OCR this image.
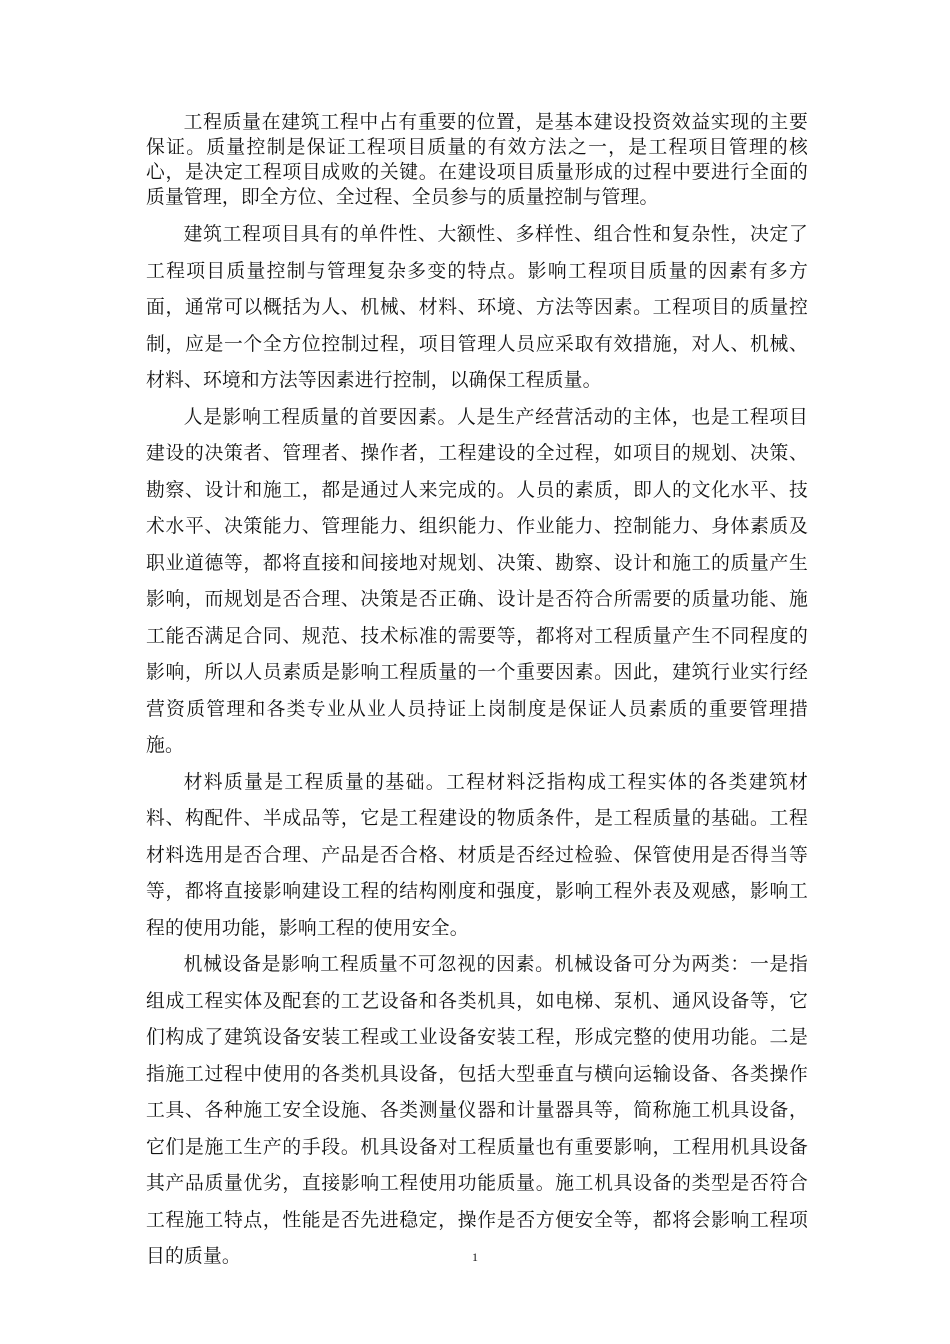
工程质量在建筑工程中占有重要的位置，是基本建设投资效益实现的主要保证。质量控制是保证工程项目质量的有效方法之一，是工程项目管理的核心，是决定工程项目成败的关键。在建设项目质量形成的过程中要进行全面的质量管理，即全方位、全过程、全员参与的质量控制与管理。

建筑工程项目具有的单件性、大额性、多样性、组合性和复杂性，决定了工程项目质量控制与管理复杂多变的特点。影响工程项目质量的因素有多方面，通常可以概括为人、机械、材料、环境、方法等因素。工程项目的质量控制，应是一个全方位控制过程，项目管理人员应采取有效措施，对人、机械、材料、环境和方法等因素进行控制，以确保工程质量。

人是影响工程质量的首要因素。人是生产经营活动的主体，也是工程项目建设的决策者、管理者、操作者，工程建设的全过程，如项目的规划、决策、勘察、设计和施工，都是通过人来完成的。人员的素质，即人的文化水平、技术水平、决策能力、管理能力、组织能力、作业能力、控制能力、身体素质及职业道德等，都将直接和间接地对规划、决策、勘察、设计和施工的质量产生影响，而规划是否合理、决策是否正确、设计是否符合所需要的质量功能、施工能否满足合同、规范、技术标准的需要等，都将对工程质量产生不同程度的影响，所以人员素质是影响工程质量的一个重要因素。因此，建筑行业实行经营资质管理和各类专业从业人员持证上岗制度是保证人员素质的重要管理措施。

材料质量是工程质量的基础。工程材料泛指构成工程实体的各类建筑材料、构配件、半成品等，它是工程建设的物质条件，是工程质量的基础。工程材料选用是否合理、产品是否合格、材质是否经过检验、保管使用是否得当等等，都将直接影响建设工程的结构刚度和强度，影响工程外表及观感，影响工程的使用功能，影响工程的使用安全。

机械设备是影响工程质量不可忽视的因素。机械设备可分为两类：一是指组成工程实体及配套的工艺设备和各类机具，如电梯、泵机、通风设备等，它们构成了建筑设备安装工程或工业设备安装工程，形成完整的使用功能。二是指施工过程中使用的各类机具设备，包括大型垂直与横向运输设备、各类操作工具、各种施工安全设施、各类测量仪器和计量器具等，简称施工机具设备，它们是施工生产的手段。机具设备对工程质量也有重要影响，工程用机具设备其产品质量优劣，直接影响工程使用功能质量。施工机具设备的类型是否符合工程施工特点，性能是否先进稳定，操作是否方便安全等，都将会影响工程项目的质量。	1
